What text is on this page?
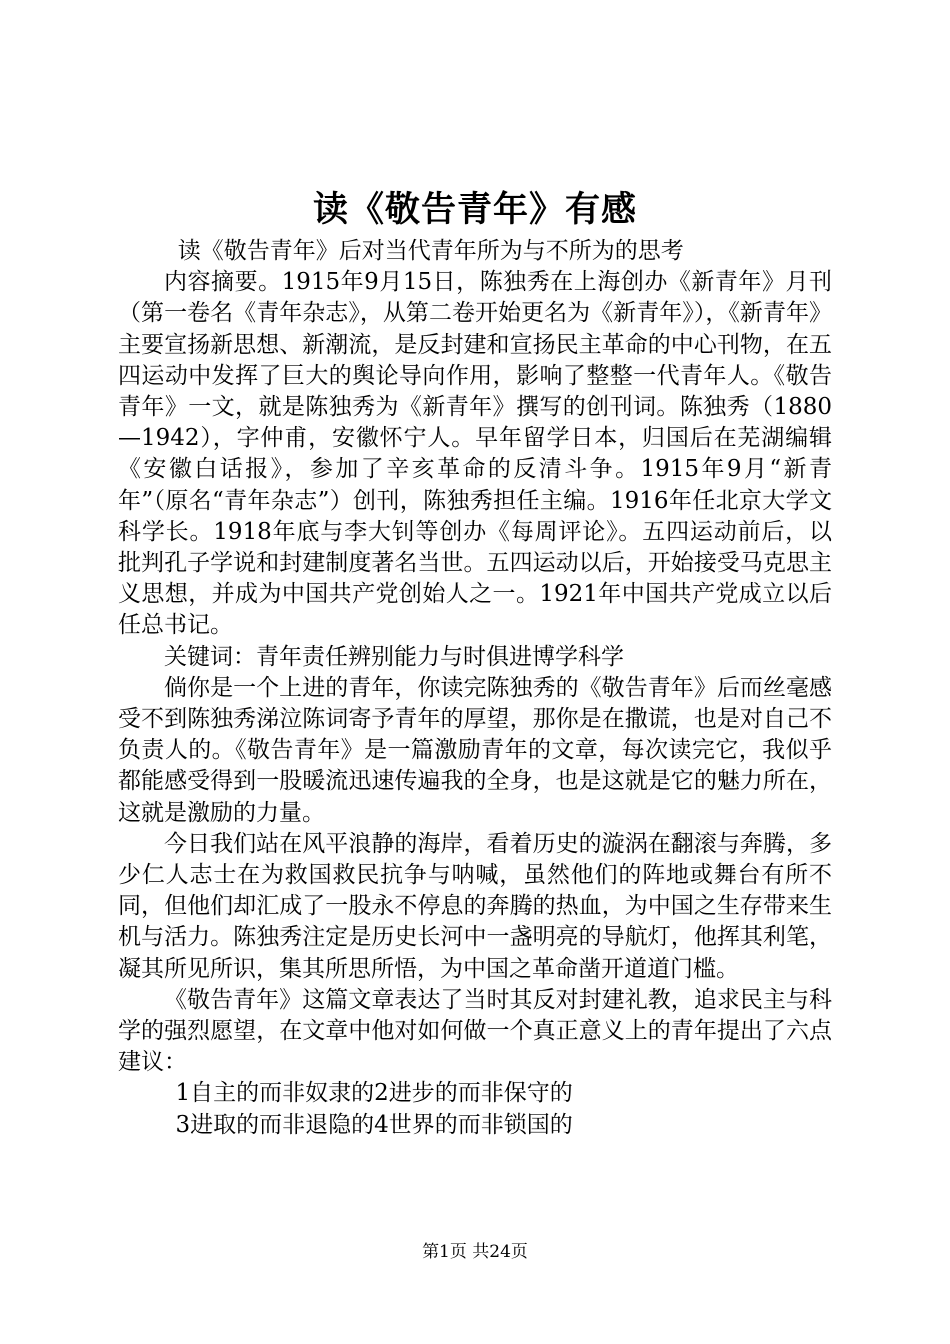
读《敬告青年》有感

读《敬告青年》后对当代青年所为与不所为的思考

内容摘要。1915年9月15日，陈独秀在上海创办《新青年》月刊（第一卷名《青年杂志》，从第二卷开始更名为《新青年》），《新青年》主要宣扬新思想、新潮流，是反封建和宣扬民主革命的中心刊物，在五四运动中发挥了巨大的舆论导向作用，影响了整整一代青年人。《敬告青年》一文，就是陈独秀为《新青年》撰写的创刊词。陈独秀（1880—1942），字仲甫，安徽怀宁人。早年留学日本，归国后在芜湖编辑《安徽白话报》，参加了辛亥革命的反清斗争。1915年9月“新青年”（原名“青年杂志”）创刊，陈独秀担任主编。1916年任北京大学文科学长。1918年底与李大钊等创办《每周评论》。五四运动前后，以批判孔子学说和封建制度著名当世。五四运动以后，开始接受马克思主义思想，并成为中国共产党创始人之一。1921年中国共产党成立以后任总书记。

关键词：青年责任辨别能力与时俱进博学科学

倘你是一个上进的青年，你读完陈独秀的《敬告青年》后而丝毫感受不到陈独秀涕泣陈词寄予青年的厚望，那你是在撒谎，也是对自己不负责人的。《敬告青年》是一篇激励青年的文章，每次读完它，我似乎都能感受得到一股暖流迅速传遍我的全身，也是这就是它的魅力所在，这就是激励的力量。

今日我们站在风平浪静的海岸，看着历史的漩涡在翻滚与奔腾，多少仁人志士在为救国救民抗争与呐喊，虽然他们的阵地或舞台有所不同，但他们却汇成了一股永不停息的奔腾的热血，为中国之生存带来生机与活力。陈独秀注定是历史长河中一盏明亮的导航灯，他挥其利笔，凝其所见所识，集其所思所悟，为中国之革命凿开道道门槛。

《敬告青年》这篇文章表达了当时其反对封建礼教，追求民主与科学的强烈愿望，在文章中他对如何做一个真正意义上的青年提出了六点建议：

1自主的而非奴隶的2进步的而非保守的

3进取的而非退隐的4世界的而非锁国的

第1页 共24页
